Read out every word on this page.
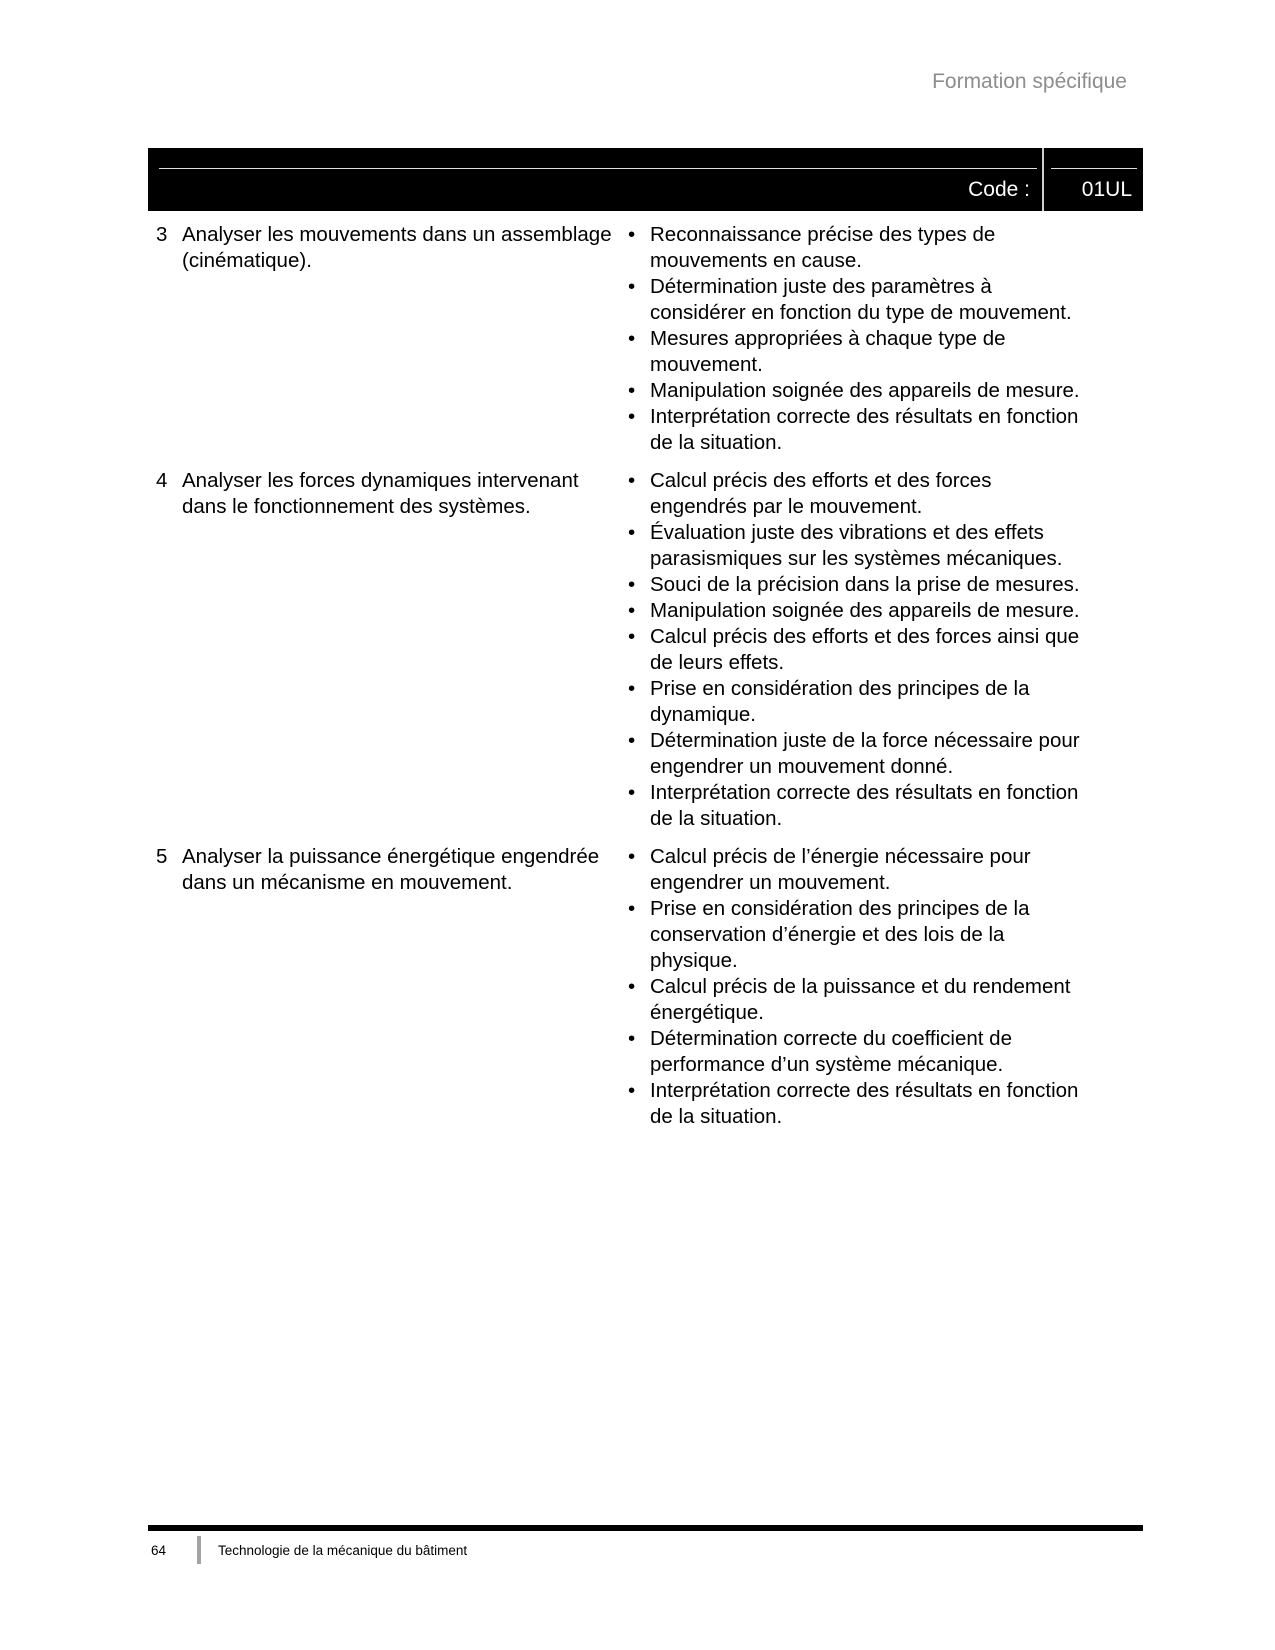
Formation spécifique
Code :	01UL
3 Analyser les mouvements dans un assemblage
(cinématique).
• Reconnaissance précise des types de
mouvements en cause.
• Détermination juste des paramètres à
considérer en fonction du type de mouvement.
• Mesures appropriées à chaque type de
mouvement.
• Manipulation soignée des appareils de mesure.
• Interprétation correcte des résultats en fonction
de la situation.
4 Analyser les forces dynamiques intervenant
dans le fonctionnement des systèmes.
• Calcul précis des efforts et des forces
engendrés par le mouvement.
• Évaluation juste des vibrations et des effets
parasismiques sur les systèmes mécaniques.
• Souci de la précision dans la prise de mesures.
• Manipulation soignée des appareils de mesure.
• Calcul précis des efforts et des forces ainsi que
de leurs effets.
• Prise en considération des principes de la
dynamique.
• Détermination juste de la force nécessaire pour
engendrer un mouvement donné.
• Interprétation correcte des résultats en fonction
de la situation.
5 Analyser la puissance énergétique engendrée
dans un mécanisme en mouvement.
• Calcul précis de l’énergie nécessaire pour
engendrer un mouvement.
• Prise en considération des principes de la
conservation d’énergie et des lois de la
physique.
• Calcul précis de la puissance et du rendement
énergétique.
• Détermination correcte du coefficient de
performance d’un système mécanique.
• Interprétation correcte des résultats en fonction
de la situation.
64	Technologie de la mécanique du bâtiment
